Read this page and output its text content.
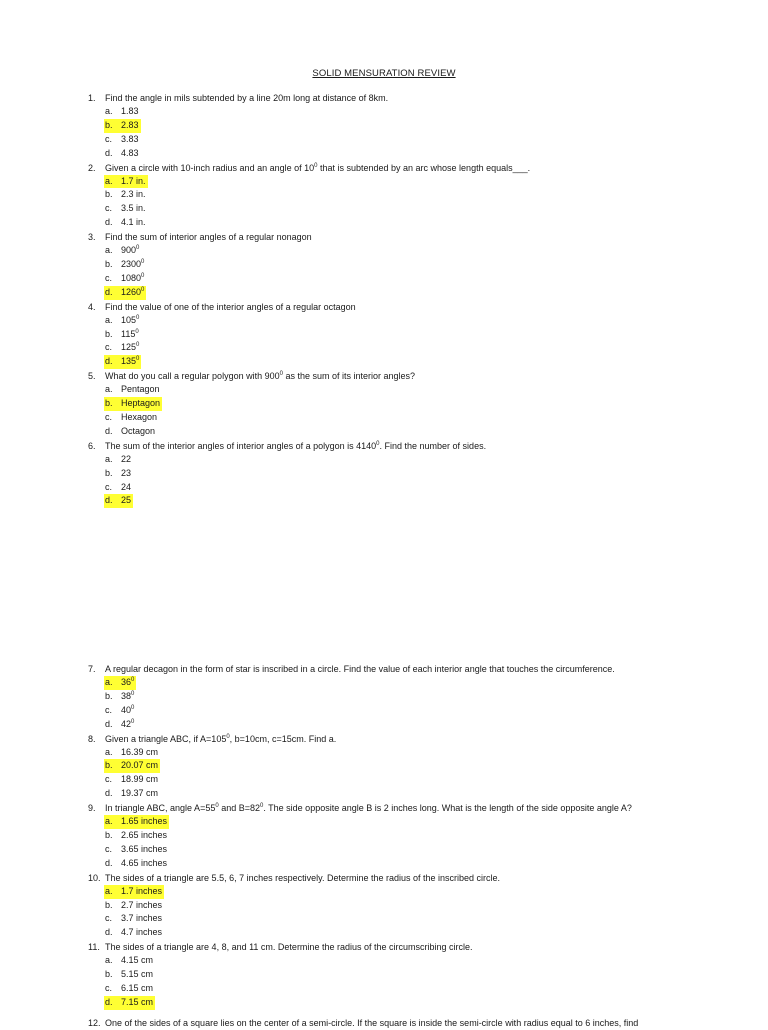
SOLID MENSURATION REVIEW
1. Find the angle in mils subtended by a line 20m long at distance of 8km.
a. 1.83
b. 2.83
c. 3.83
d. 4.83
2. Given a circle with 10-inch radius and an angle of $10^0$ that is subtended by an arc whose length equals___.
a. 1.7 in.
b. 2.3 in.
c. 3.5 in.
d. 4.1 in.
3. Find the sum of interior angles of a regular nonagon
a. $900^0$
b. 2300$^0$
c. 1080$^0$
d. 1260$^0$
4. Find the value of one of the interior angles of a regular octagon
a. $105^0$
b. $115^0$
c. $125^0$
d. $135^0$
5. What do you call a regular polygon with $900^0$ as the sum of its interior angles?
a. Pentagon
b. Heptagon
c. Hexagon
d. Octagon
6. The sum of the interior angles of interior angles of a polygon is 4140$^0$. Find the number of sides.
a. 22
b. 23
c. 24
d. 25
7. A regular decagon in the form of star is inscribed in a circle. Find the value of each interior angle that touches the circumference.
a. $36^0$
b. $38^0$
c. $40^0$
d. $42^0$
8. Given a triangle ABC, if $A=105^0$, b=10cm, c=15cm. Find a.
a. 16.39 cm
b. 20.07 cm
c. 18.99 cm
d. 19.37 cm
9. In triangle ABC, angle $A=55^0$ and $B=82^0$. The side opposite angle B is 2 inches long. What is the length of the side opposite angle A?
a. 1.65 inches
b. 2.65 inches
c. 3.65 inches
d. 4.65 inches
10. The sides of a triangle are 5.5, 6, 7 inches respectively. Determine the radius of the inscribed circle.
a. 1.7 inches
b. 2.7 inches
c. 3.7 inches
d. 4.7 inches
11. The sides of a triangle are 4, 8, and 11 cm. Determine the radius of the circumscribing circle.
a. 4.15 cm
b. 5.15 cm
c. 6.15 cm
d. 7.15 cm
12. One of the sides of a square lies on the center of a semi-circle. If the square is inside the semi-circle with radius equal to 6 inches, find
